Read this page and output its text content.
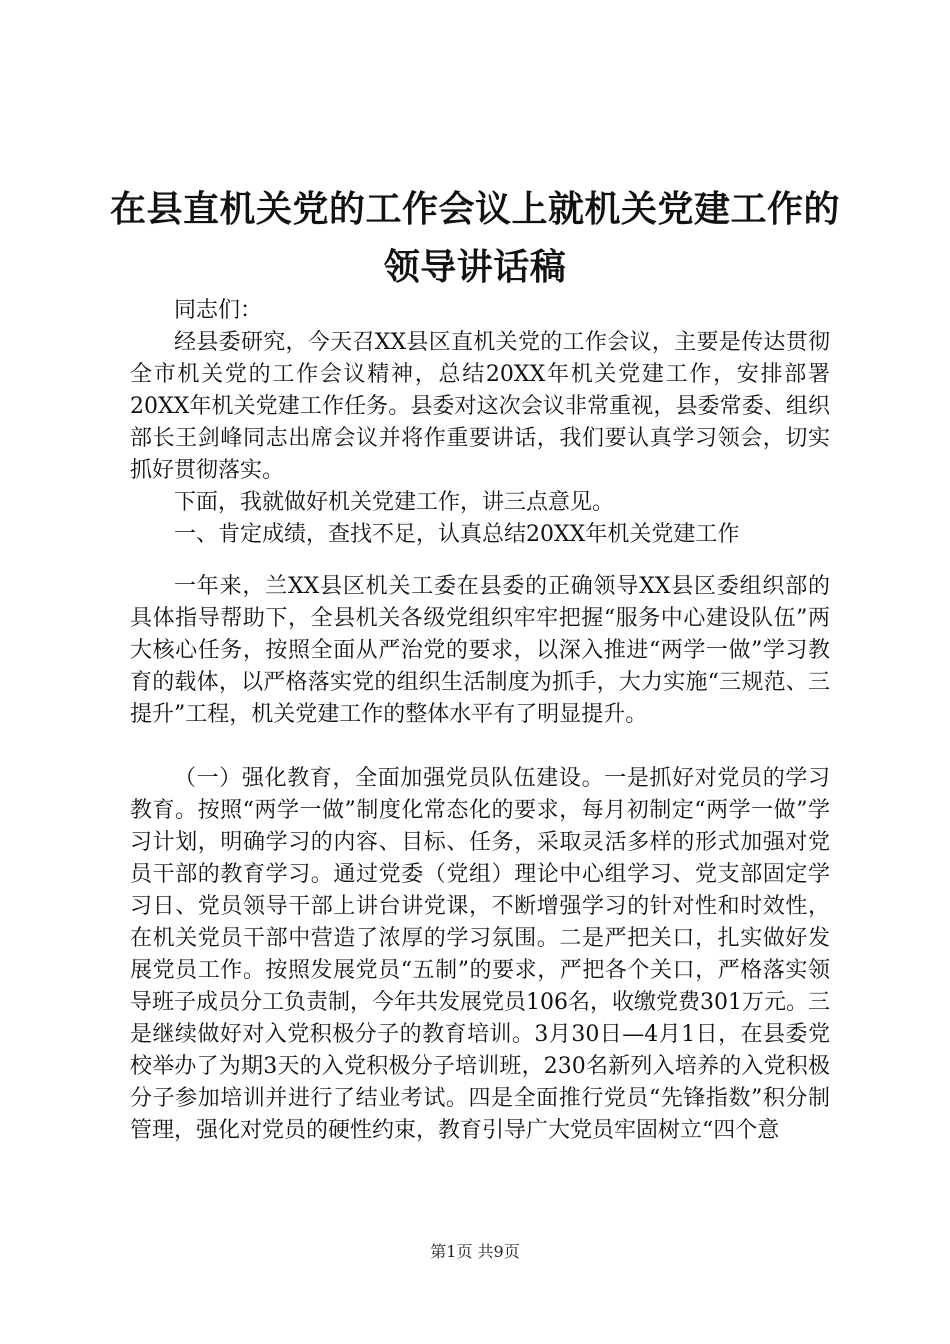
在县直机关党的工作会议上就机关党建工作的
领导讲话稿
同志们：

经县委研究，今天召XX县区直机关党的工作会议，主要是传达贯彻全市机关党的工作会议精神，总结20XX年机关党建工作，安排部署20XX年机关党建工作任务。县委对这次会议非常重视，县委常委、组织部长王剑峰同志出席会议并将作重要讲话，我们要认真学习领会，切实抓好贯彻落实。

下面，我就做好机关党建工作，讲三点意见。

一、肯定成绩，查找不足，认真总结20XX年机关党建工作

一年来，兰XX县区机关工委在县委的正确领导XX县区委组织部的具体指导帮助下，全县机关各级党组织牢牢把握“服务中心建设队伍”两大核心任务，按照全面从严治党的要求，以深入推进“两学一做”学习教育的载体，以严格落实党的组织生活制度为抓手，大力实施“三规范、三提升”工程，机关党建工作的整体水平有了明显提升。

（一）强化教育，全面加强党员队伍建设。一是抓好对党员的学习教育。按照“两学一做”制度化常态化的要求，每月初制定“两学一做”学习计划，明确学习的内容、目标、任务，采取灵活多样的形式加强对党员干部的教育学习。通过党委（党组）理论中心组学习、党支部固定学习日、党员领导干部上讲台讲党课，不断增强学习的针对性和时效性，在机关党员干部中营造了浓厚的学习氛围。二是严把关口，扎实做好发展党员工作。按照发展党员“五制”的要求，严把各个关口，严格落实领导班子成员分工负责制，今年共发展党员106名，收缴党费301万元。三是继续做好对入党积极分子的教育培训。3月30日—4月1日，在县委党校举办了为期3天的入党积极分子培训班，230名新列入培养的入党积极分子参加培训并进行了结业考试。四是全面推行党员“先锋指数”积分制管理，强化对党员的硬性约束，教育引导广大党员牢固树立“四个意

第1页 共9页
